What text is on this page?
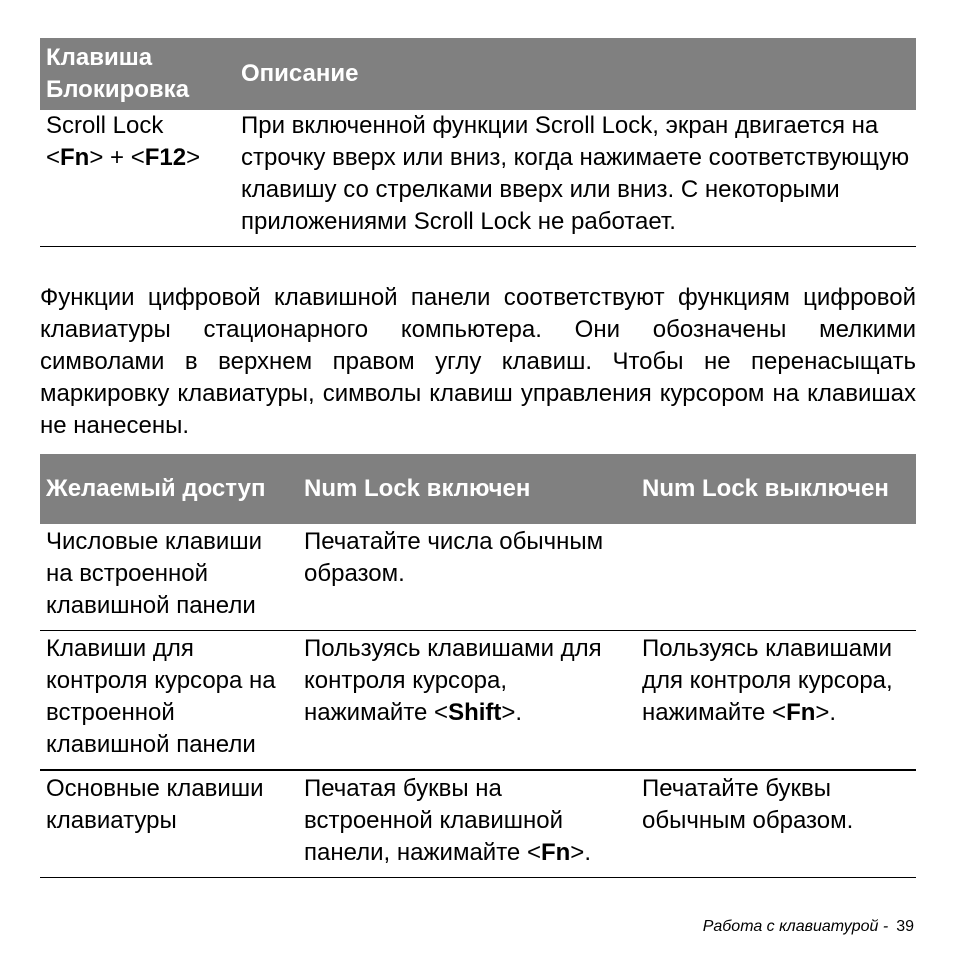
Клавиша Блокировка	Описание
Scroll Lock
<Fn> + <F12>	При включенной функции Scroll Lock, экран двигается на строчку вверх или вниз, когда нажимаете соответствующую клавишу со стрелками вверх или вниз. С некоторыми приложениями Scroll Lock не работает.

Функции цифровой клавишной панели соответствуют функциям цифровой клавиатуры стационарного компьютера. Они обозначены мелкими символами в верхнем правом углу клавиш. Чтобы не перенасыщать маркировку клавиатуры, символы клавиш управления курсором на клавишах не нанесены.

Желаемый доступ	Num Lock включен	Num Lock выключен
Числовые клавиши на встроенной клавишной панели	Печатайте числа обычным образом.	
Клавиши для контроля курсора на встроенной клавишной панели	Пользуясь клавишами для контроля курсора, нажимайте <Shift>.	Пользуясь клавишами для контроля курсора, нажимайте <Fn>.
Основные клавиши клавиатуры	Печатая буквы на встроенной клавишной панели, нажимайте <Fn>.	Печатайте буквы обычным образом.
Работа с клавиатурой - 39
